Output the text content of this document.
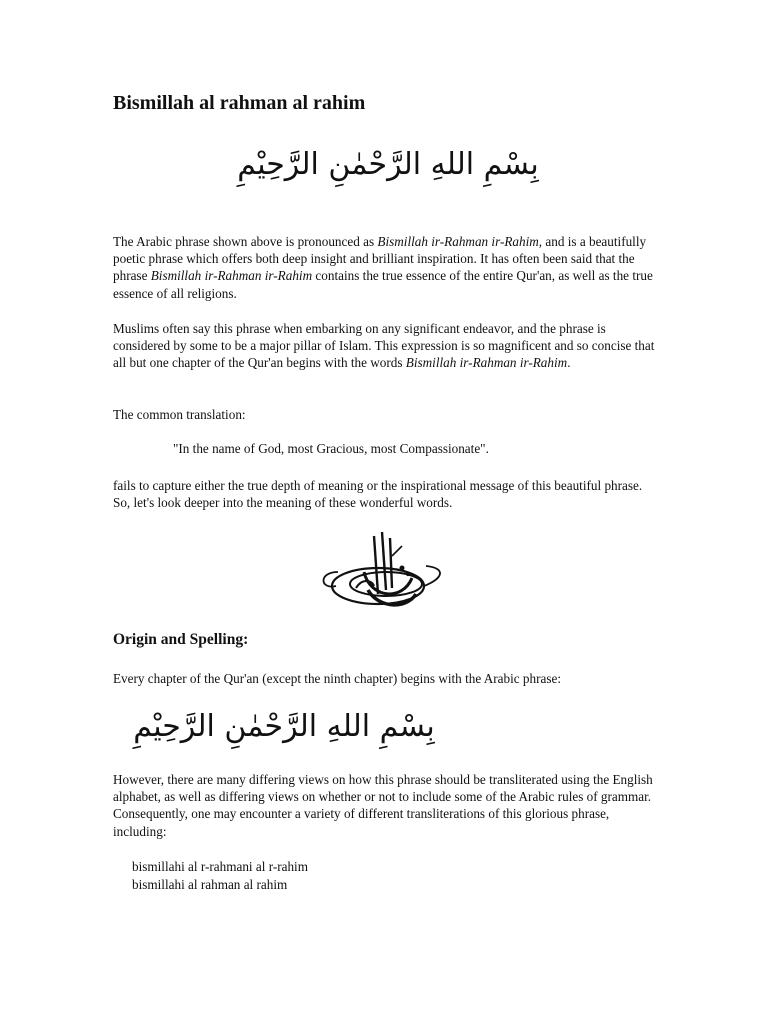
Bismillah al rahman al rahim
بِسْمِ اللهِ الرَّحْمٰنِ الرَّحِيْمِ

The Arabic phrase shown above is pronounced as Bismillah ir-Rahman ir-Rahim, and is a beautifully poetic phrase which offers both deep insight and brilliant inspiration. It has often been said that the phrase Bismillah ir-Rahman ir-Rahim contains the true essence of the entire Qur'an, as well as the true essence of all religions.

Muslims often say this phrase when embarking on any significant endeavor, and the phrase is considered by some to be a major pillar of Islam. This expression is so magnificent and so concise that all but one chapter of the Qur'an begins with the words Bismillah ir-Rahman ir-Rahim.

The common translation:

"In the name of God, most Gracious, most Compassionate".

fails to capture either the true depth of meaning or the inspirational message of this beautiful phrase. So, let's look deeper into the meaning of these wonderful words.

Origin and Spelling:

Every chapter of the Qur'an (except the ninth chapter) begins with the Arabic phrase:

بِسْمِ اللهِ الرَّحْمٰنِ الرَّحِيْمِ

However, there are many differing views on how this phrase should be transliterated using the English alphabet, as well as differing views on whether or not to include some of the Arabic rules of grammar. Consequently, one may encounter a variety of different transliterations of this glorious phrase, including:

bismillahi al r-rahmani al r-rahim
bismillahi al rahman al rahim
